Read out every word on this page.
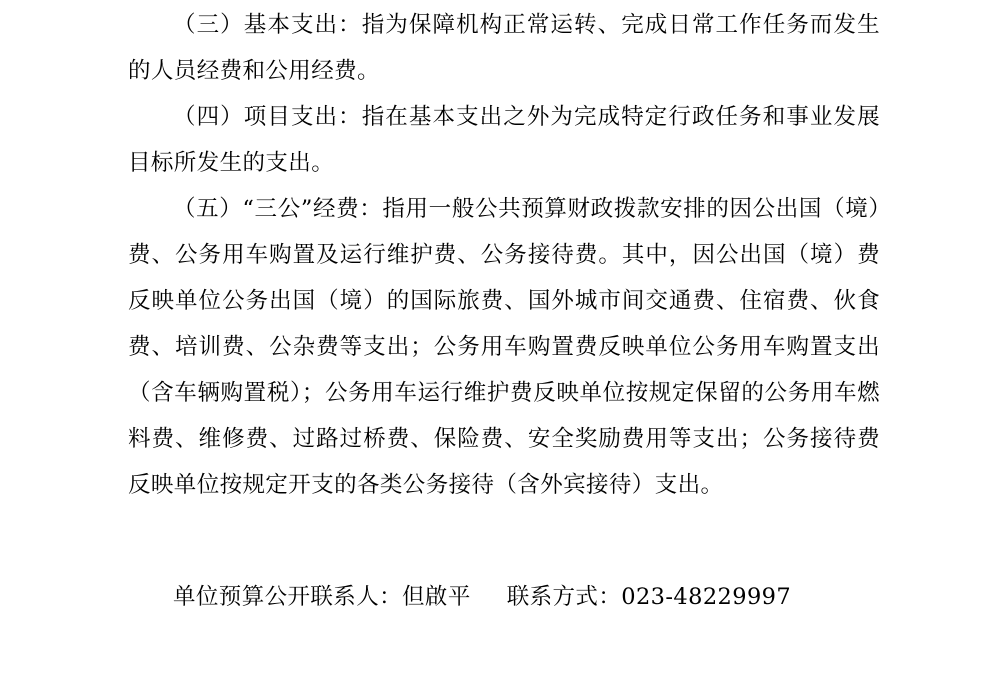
（三）基本支出：指为保障机构正常运转、完成日常工作任务而发生的人员经费和公用经费。

（四）项目支出：指在基本支出之外为完成特定行政任务和事业发展目标所发生的支出。

（五）“三公”经费：指用一般公共预算财政拨款安排的因公出国（境）费、公务用车购置及运行维护费、公务接待费。其中，因公出国（境）费反映单位公务出国（境）的国际旅费、国外城市间交通费、住宿费、伙食费、培训费、公杂费等支出；公务用车购置费反映单位公务用车购置支出（含车辆购置税）；公务用车运行维护费反映单位按规定保留的公务用车燃料费、维修费、过路过桥费、保险费、安全奖励费用等支出；公务接待费反映单位按规定开支的各类公务接待（含外宾接待）支出。

单位预算公开联系人：但啟平 联系方式：023-48229997
